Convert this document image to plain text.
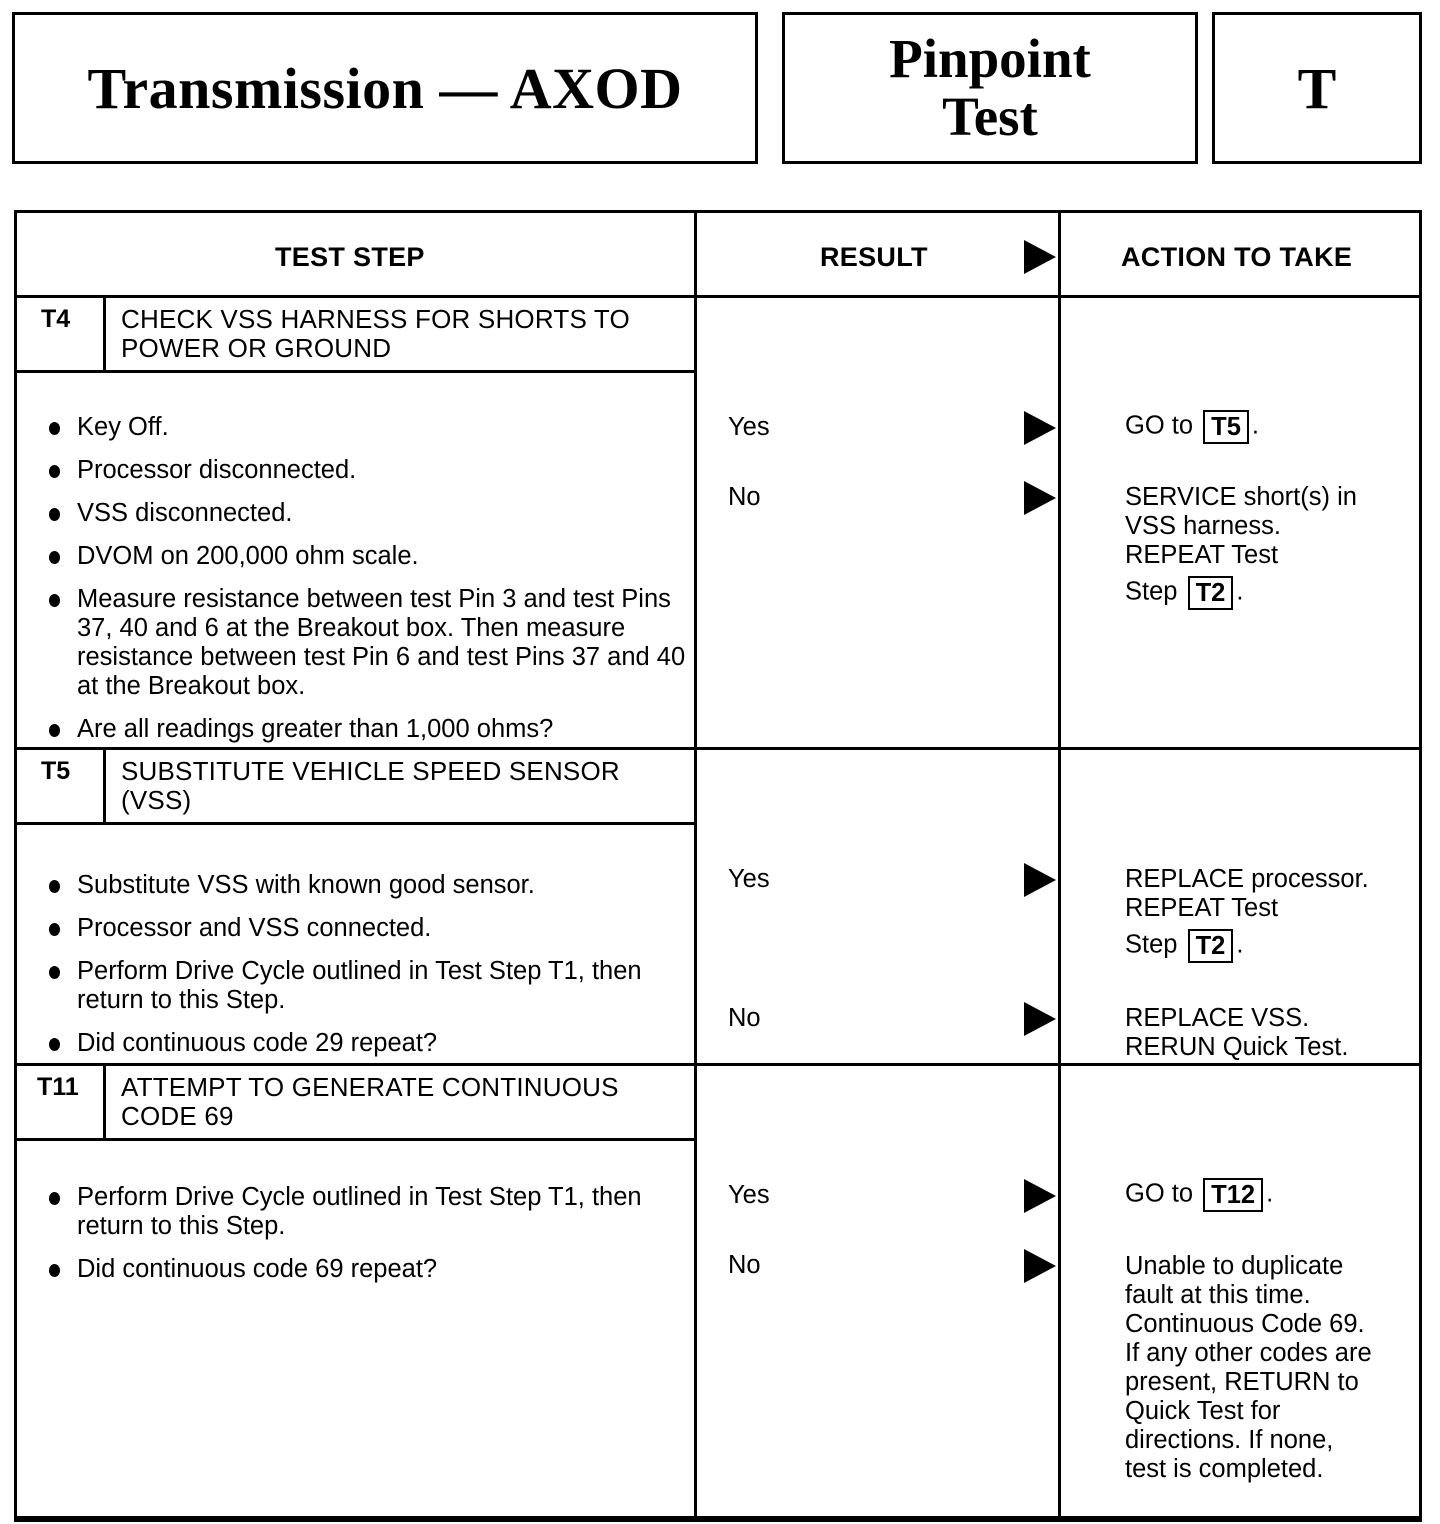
Transmission — AXOD	Pinpoint
Test	T
TEST STEP	RESULT	ACTION TO TAKE
T4 CHECK VSS HARNESS FOR SHORTS TO
POWER OR GROUND
Key Off.
Processor disconnected.
VSS disconnected.
DVOM on 200,000 ohm scale.
Measure resistance between test Pin 3 and test Pins 37, 40 and 6 at the Breakout box. Then measure resistance between test Pin 6 and test Pins 37 and 40 at the Breakout box.
Are all readings greater than 1,000 ohms?
Yes	GO to T5 .
No	SERVICE short(s) in
VSS harness.
REPEAT Test
Step T2 .
T5 SUBSTITUTE VEHICLE SPEED SENSOR
(VSS)
Substitute VSS with known good sensor.
Processor and VSS connected.
Perform Drive Cycle outlined in Test Step T1, then return to this Step.
Did continuous code 29 repeat?
Yes	REPLACE processor.
REPEAT Test
Step T2 .
No	REPLACE VSS.
RERUN Quick Test.
T11 ATTEMPT TO GENERATE CONTINUOUS
CODE 69
Perform Drive Cycle outlined in Test Step T1, then return to this Step.
Did continuous code 69 repeat?
Yes	GO to T12 .
No	Unable to duplicate
fault at this time.
Continuous Code 69.
If any other codes are
present, RETURN to
Quick Test for
directions. If none,
test is completed.
